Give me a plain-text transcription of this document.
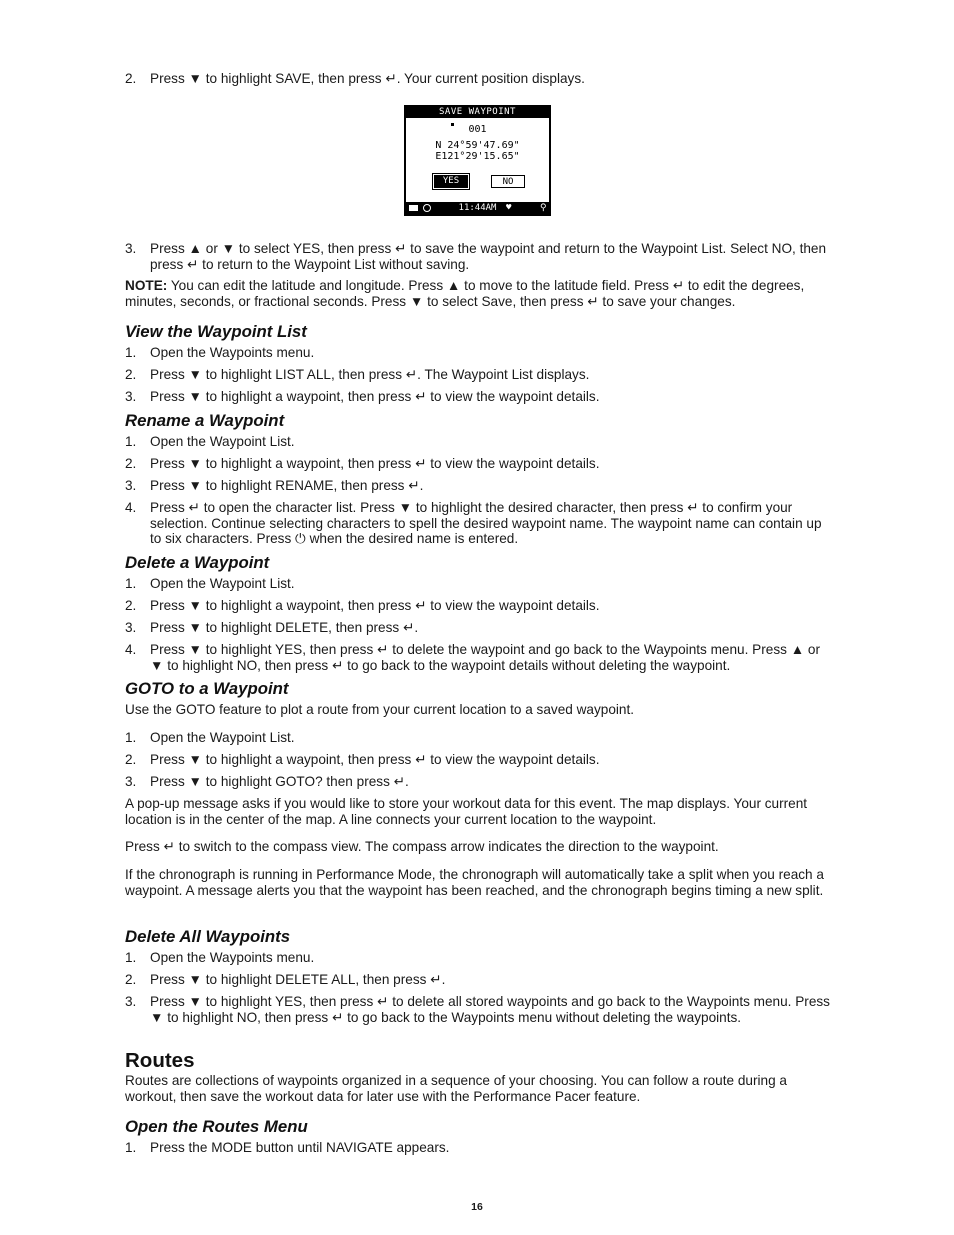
2.	Press ▼ to highlight SAVE, then press ↵. Your current position displays.
3.	Press ▲ or ▼ to select YES, then press ↵ to save the waypoint and return to the Waypoint List. Select NO, then press ↵ to return to the Waypoint List without saving.
NOTE: You can edit the latitude and longitude. Press ▲ to move to the latitude field. Press ↵ to edit the degrees, minutes, seconds, or fractional seconds. Press ▼ to select Save, then press ↵ to save your changes.
View the Waypoint List
1.	Open the Waypoints menu.
2.	Press ▼ to highlight LIST ALL, then press ↵. The Waypoint List displays.
3.	Press ▼ to highlight a waypoint, then press ↵ to view the waypoint details.
Rename a Waypoint
1.	Open the Waypoint List.
2.	Press ▼ to highlight a waypoint, then press ↵ to view the waypoint details.
3.	Press ▼ to highlight RENAME, then press ↵.
4.	Press ↵ to open the character list. Press ▼ to highlight the desired character, then press ↵ to confirm your selection. Continue selecting characters to spell the desired waypoint name. The waypoint name can contain up to six characters. Press ⏻ when the desired name is entered.
Delete a Waypoint
1.	Open the Waypoint List.
2.	Press ▼ to highlight a waypoint, then press ↵ to view the waypoint details.
3.	Press ▼ to highlight DELETE, then press ↵.
4.	Press ▼ to highlight YES, then press ↵ to delete the waypoint and go back to the Waypoints menu. Press ▲ or ▼ to highlight NO, then press ↵ to go back to the waypoint details without deleting the waypoint.
GOTO to a Waypoint
Use the GOTO feature to plot a route from your current location to a saved waypoint.
1.	Open the Waypoint List.
2.	Press ▼ to highlight a waypoint, then press ↵ to view the waypoint details.
3.	Press ▼ to highlight GOTO? then press ↵.
A pop-up message asks if you would like to store your workout data for this event. The map displays. Your current location is in the center of the map. A line connects your current location to the waypoint.
Press ↵ to switch to the compass view. The compass arrow indicates the direction to the waypoint.
If the chronograph is running in Performance Mode, the chronograph will automatically take a split when you reach a waypoint. A message alerts you that the waypoint has been reached, and the chronograph begins timing a new split.
Delete All Waypoints
1.	Open the Waypoints menu.
2.	Press ▼ to highlight DELETE ALL, then press ↵.
3.	Press ▼ to highlight YES, then press ↵ to delete all stored waypoints and go back to the Waypoints menu. Press ▼ to highlight NO, then press ↵ to go back to the Waypoints menu without deleting the waypoints.
Routes
Routes are collections of waypoints organized in a sequence of your choosing. You can follow a route during a workout, then save the workout data for later use with the Performance Pacer feature.
Open the Routes Menu
1.	Press the MODE button until NAVIGATE appears.
SAVE WAYPOINT
001
N 24°59'47.69"
E121°29'15.65"
YES	NO
11:44AM	♥	⚲
16
